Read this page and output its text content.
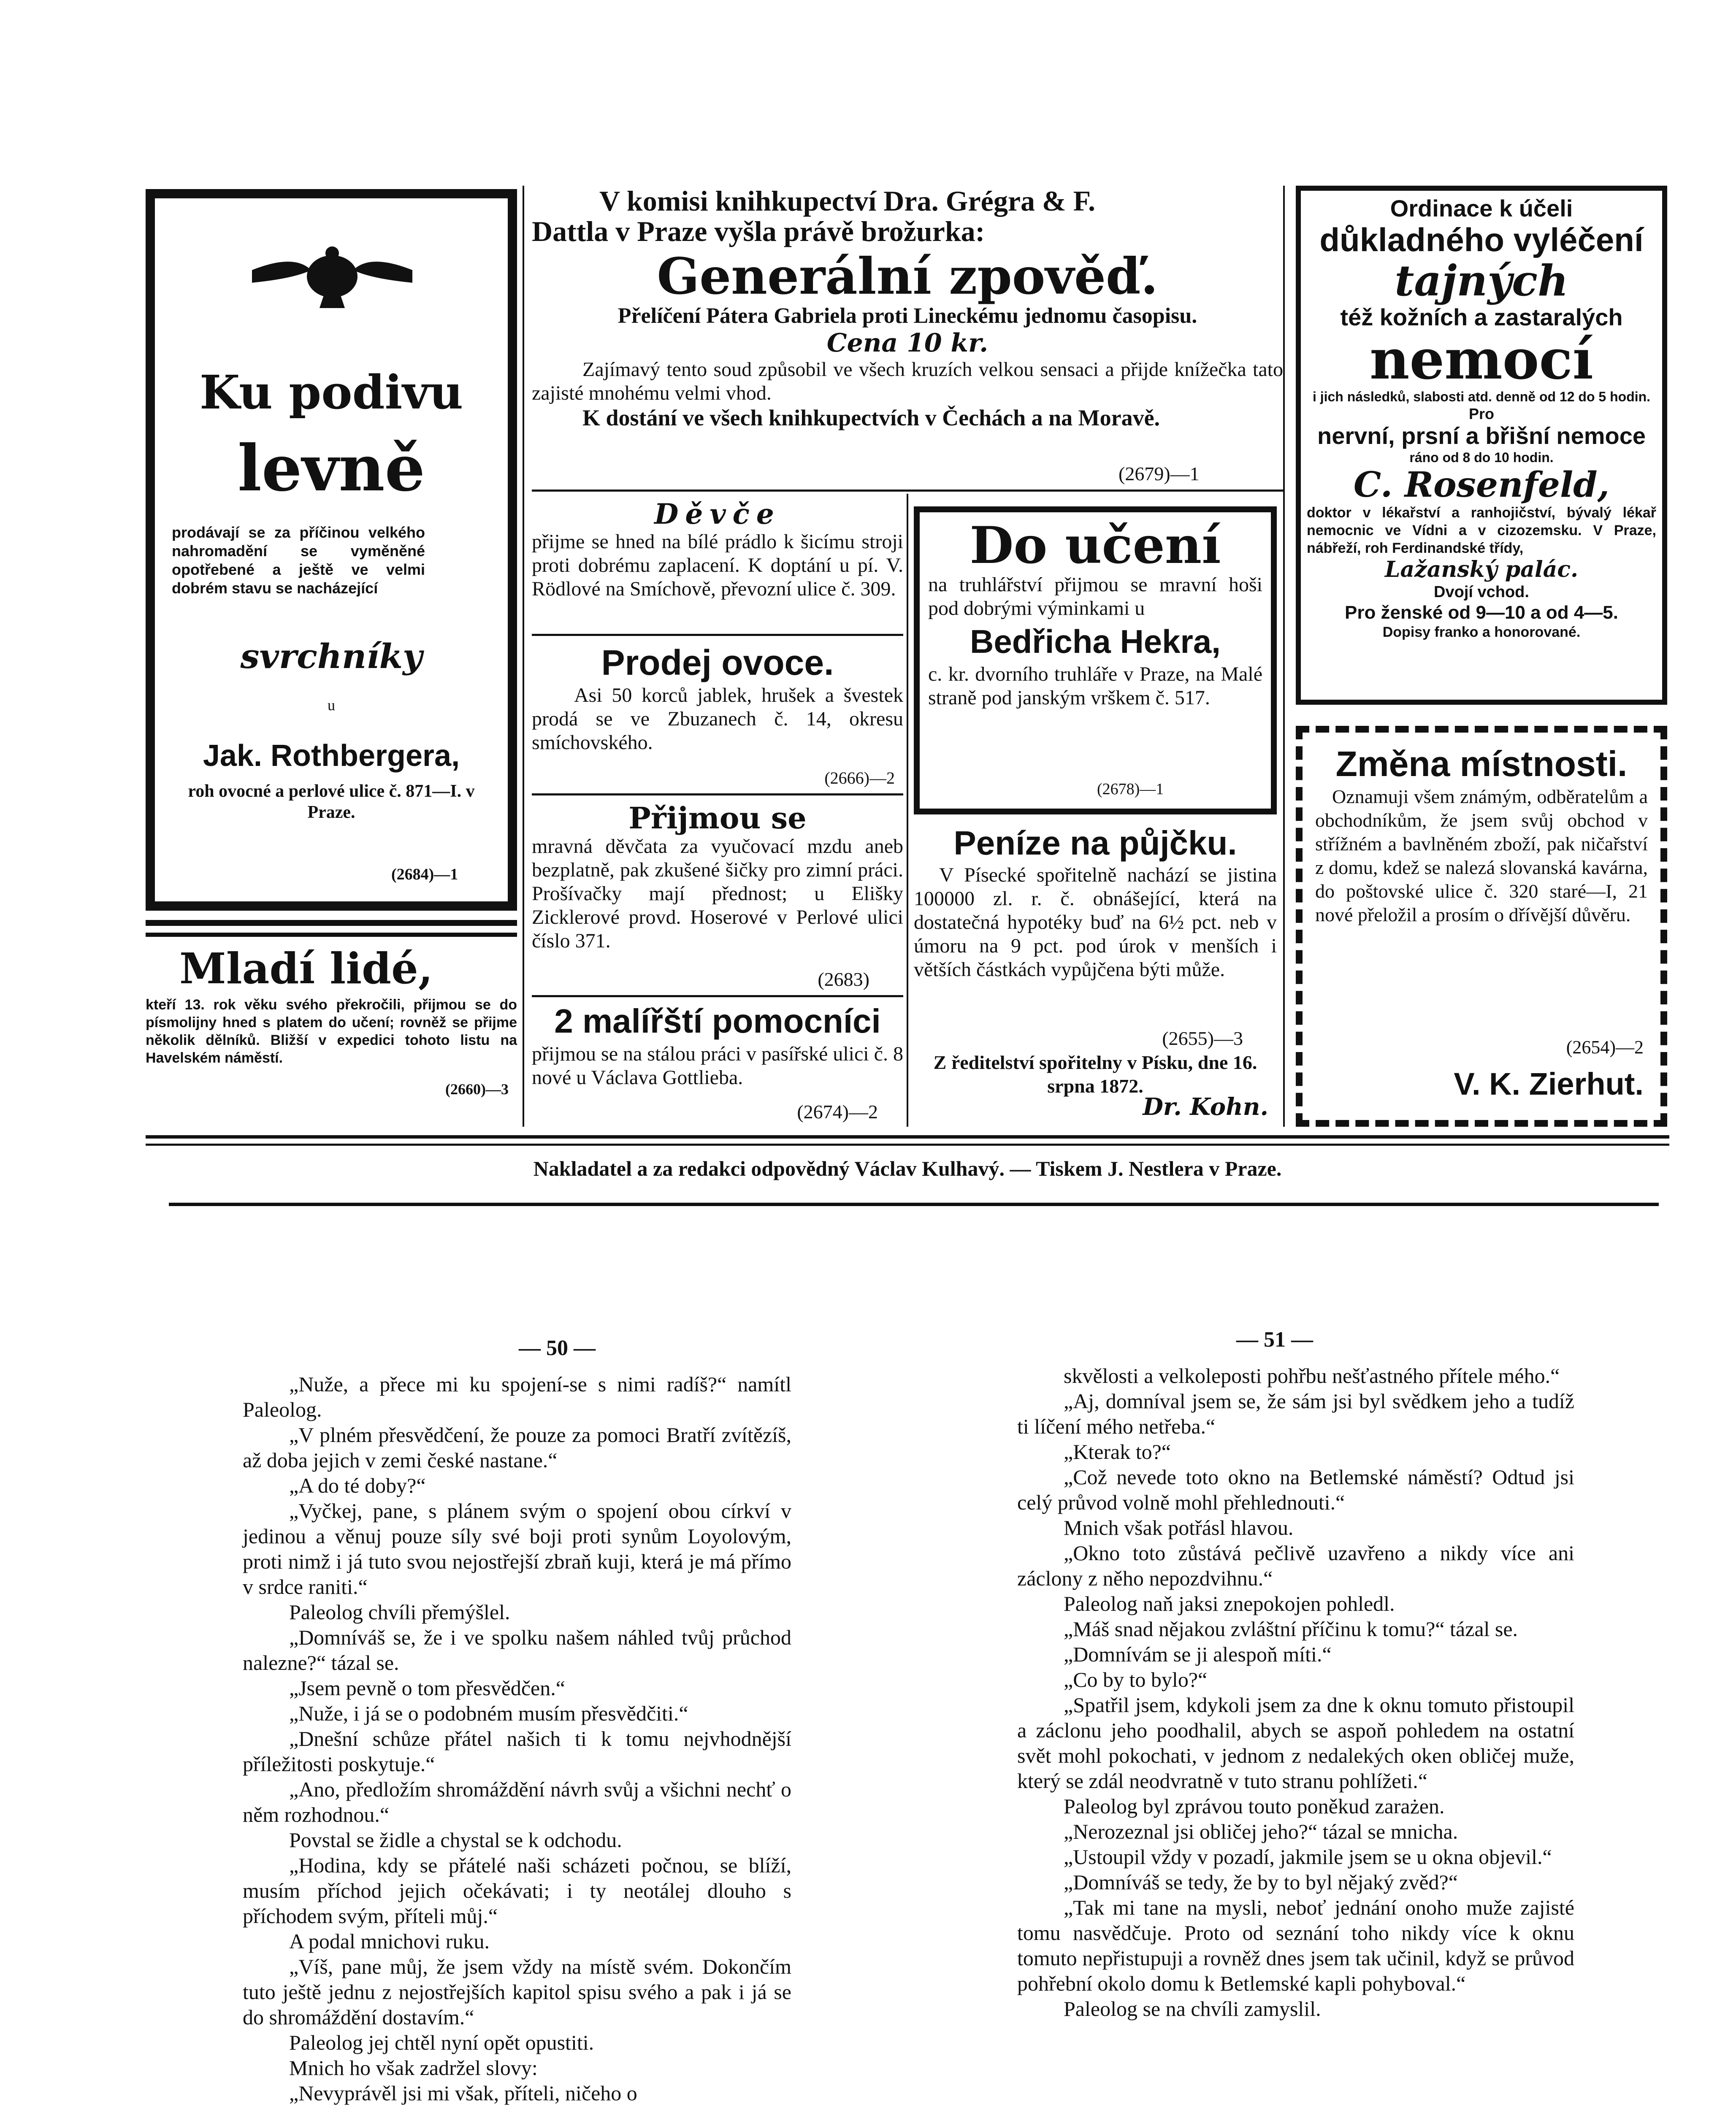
Ku podivu
levně
prodávají se za příčinou velkého nahromadění se vyměněné opotřebené a ještě ve velmi dobrém stavu se nacházející
svrchníky
u
Jak. Rothbergera,
roh ovocné a perlové ulice č. 871—I. v Praze.
(2684)—1
Mladí lidé,
kteří 13. rok věku svého překročili, přijmou se do písmolijny hned s platem do učení; rovněž se přijme několik dělníků. Bližší v expedici tohoto listu na Havelském náměstí.
(2660)—3
V komisi knihkupectví Dra. Grégra & F.
Dattla v Praze vyšla právě brožurka:
Generální zpověď.
Přelíčení Pátera Gabriela proti Lineckému jednomu časopisu.
Cena 10 kr.
Zajímavý tento soud způsobil ve všech kruzích velkou sensaci a přijde knížečka tato zajisté mnohému velmi vhod.
K dostání ve všech knihkupectvích v Čechách a na Moravě.
(2679)—1
Děvče
přijme se hned na bílé prádlo k šicímu stroji proti dobrému zaplacení. K doptání u pí. V. Rödlové na Smíchově, převozní ulice č. 309.
Prodej ovoce.
Asi 50 korců jablek, hrušek a švestek prodá se ve Zbuzanech č. 14, okresu smíchovského.
(2666)—2
Přijmou se
mravná děvčata za vyučovací mzdu aneb bezplatně, pak zkušené šičky pro zimní práci. Prošívačky mají přednost; u Elišky Zicklerové provd. Hoserové v Perlové ulici číslo 371.
(2683)
2 malířští pomocníci
přijmou se na stálou práci v pasířské ulici č. 8 nové u Václava Gottlieba.
(2674)—2
Do učení
na truhlářství přijmou se mravní hoši pod dobrými výminkami u
Bedřicha Hekra,
c. kr. dvorního truhláře v Praze, na Malé straně pod janským vrškem č. 517.
(2678)—1
Peníze na půjčku.
V Písecké spořitelně nachází se jistina 100000 zl. r. č. obnášející, která na dostatečná hypotéky buď na 6½ pct. neb v úmoru na 9 pct. pod úrok v menších i větších částkách vypůjčena býti může.
(2655)—3
Z ředitelství spořitelny v Písku, dne 16. srpna 1872.
Dr. Kohn.
Ordinace k účeli
důkladného vyléčení
tajných
též kožních a zastaralých
nemocí
i jich následků, slabosti atd. denně od 12 do 5 hodin.
Pro
nervní, prsní a břišní nemoce
ráno od 8 do 10 hodin.
C. Rosenfeld,
doktor v lékařství a ranhojičství, bývalý lékař nemocnic ve Vídni a v cizozemsku. V Praze, nábřeží, roh Ferdinandské třídy,
Lažanský palác.
Dvojí vchod.
Pro ženské od 9—10 a od 4—5.
Dopisy franko a honorované.
Změna místnosti.
Oznamuji všem známým, odběratelům a obchodníkům, že jsem svůj obchod v střížném a bavlněném zboží, pak ničařství z domu, kdež se nalezá slovanská kavárna, do poštovské ulice č. 320 staré—I, 21 nové přeložil a prosím o dřívější důvěru.
(2654)—2
V. K. Zierhut.
Nakladatel a za redakci odpovědný Václav Kulhavý. — Tiskem J. Nestlera v Praze.
— 50 —	— 51 —

„Nuže, a přece mi ku spojení-se s nimi radíš?“ namítl Paleolog.

„V plném přesvědčení, že pouze za pomoci Bratří zvítězíš, až doba jejich v zemi české nastane.“

„A do té doby?“

„Vyčkej, pane, s plánem svým o spojení obou církví v jedinou a věnuj pouze síly své boji proti synům Loyolovým, proti nimž i já tuto svou nejostřejší zbraň kuji, která je má přímo v srdce raniti.“

Paleolog chvíli přemýšlel.

„Domníváš se, že i ve spolku našem náhled tvůj průchod nalezne?“ tázal se.

„Jsem pevně o tom přesvědčen.“

„Nuže, i já se o podobném musím přesvědčiti.“

„Dnešní schůze přátel našich ti k tomu nejvhodnější příležitosti poskytuje.“

„Ano, předložím shromáždění návrh svůj a všichni nechť o něm rozhodnou.“

Povstal se židle a chystal se k odchodu.

„Hodina, kdy se přátelé naši scházeti počnou, se blíží, musím příchod jejich očekávati; i ty neotálej dlouho s příchodem svým, příteli můj.“

A podal mnichovi ruku.

„Víš, pane můj, že jsem vždy na místě svém. Dokončím tuto ještě jednu z nejostřejších kapitol spisu svého a pak i já se do shromáždění dostavím.“

Paleolog jej chtěl nyní opět opustiti.

Mnich ho však zadržel slovy:

„Nevyprávěl jsi mi však, příteli, ničeho o

skvělosti a velkoleposti pohřbu nešťastného přítele mého.“

„Aj, domníval jsem se, že sám jsi byl svědkem jeho a tudíž ti líčení mého netřeba.“

„Kterak to?“

„Což nevede toto okno na Betlemské náměstí? Odtud jsi celý průvod volně mohl přehlednouti.“

Mnich však potřásl hlavou.

„Okno toto zůstává pečlivě uzavřeno a nikdy více ani záclony z něho nepozdvihnu.“

Paleolog naň jaksi znepokojen pohledl.

„Máš snad nějakou zvláštní příčinu k tomu?“ tázal se.

„Domnívám se ji alespoň míti.“

„Co by to bylo?“

„Spatřil jsem, kdykoli jsem za dne k oknu tomuto přistoupil a záclonu jeho poodhalil, abych se aspoň pohledem na ostatní svět mohl pokochati, v jednom z nedalekých oken obličej muže, který se zdál neodvratně v tuto stranu pohlížeti.“

Paleolog byl zprávou touto poněkud zarażen.

„Nerozeznal jsi obličej jeho?“ tázal se mnicha.

„Ustoupil vždy v pozadí, jakmile jsem se u okna objevil.“

„Domníváš se tedy, že by to byl nějaký zvěd?“

„Tak mi tane na mysli, neboť jednání onoho muže zajisté tomu nasvědčuje. Proto od seznání toho nikdy více k oknu tomuto nepřistupuji a rovněž dnes jsem tak učinil, když se průvod pohřební okolo domu k Betlemské kapli pohyboval.“

Paleolog se na chvíli zamyslil.
